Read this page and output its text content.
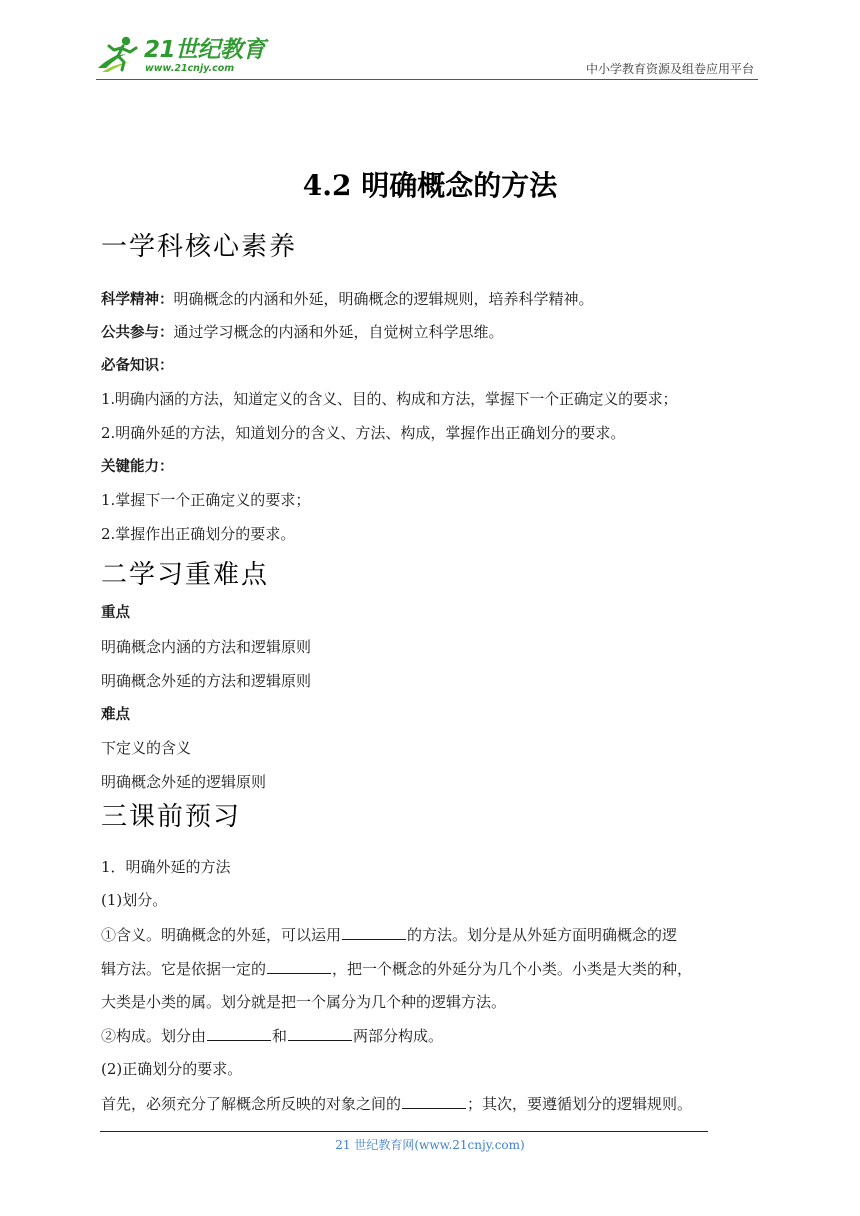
21世纪教育
www.21cnjy.com	中小学教育资源及组卷应用平台
4.2 明确概念的方法
一学科核心素养
科学精神：明确概念的内涵和外延，明确概念的逻辑规则，培养科学精神。
公共参与：通过学习概念的内涵和外延，自觉树立科学思维。
必备知识：
1.明确内涵的方法，知道定义的含义、目的、构成和方法，掌握下一个正确定义的要求；
2.明确外延的方法，知道划分的含义、方法、构成，掌握作出正确划分的要求。
关键能力：
1.掌握下一个正确定义的要求；
2.掌握作出正确划分的要求。
二学习重难点
重点
明确概念内涵的方法和逻辑原则
明确概念外延的方法和逻辑原则
难点
下定义的含义
明确概念外延的逻辑原则
三课前预习
1．明确外延的方法
(1)划分。
①含义。明确概念的外延，可以运用	的方法。划分是从外延方面明确概念的逻
辑方法。它是依据一定的	，把一个概念的外延分为几个小类。小类是大类的种，
大类是小类的属。划分就是把一个属分为几个种的逻辑方法。
②构成。划分由	和	两部分构成。
(2)正确划分的要求。
首先，必须充分了解概念所反映的对象之间的	；其次，要遵循划分的逻辑规则。
21 世纪教育网(www.21cnjy.com)
